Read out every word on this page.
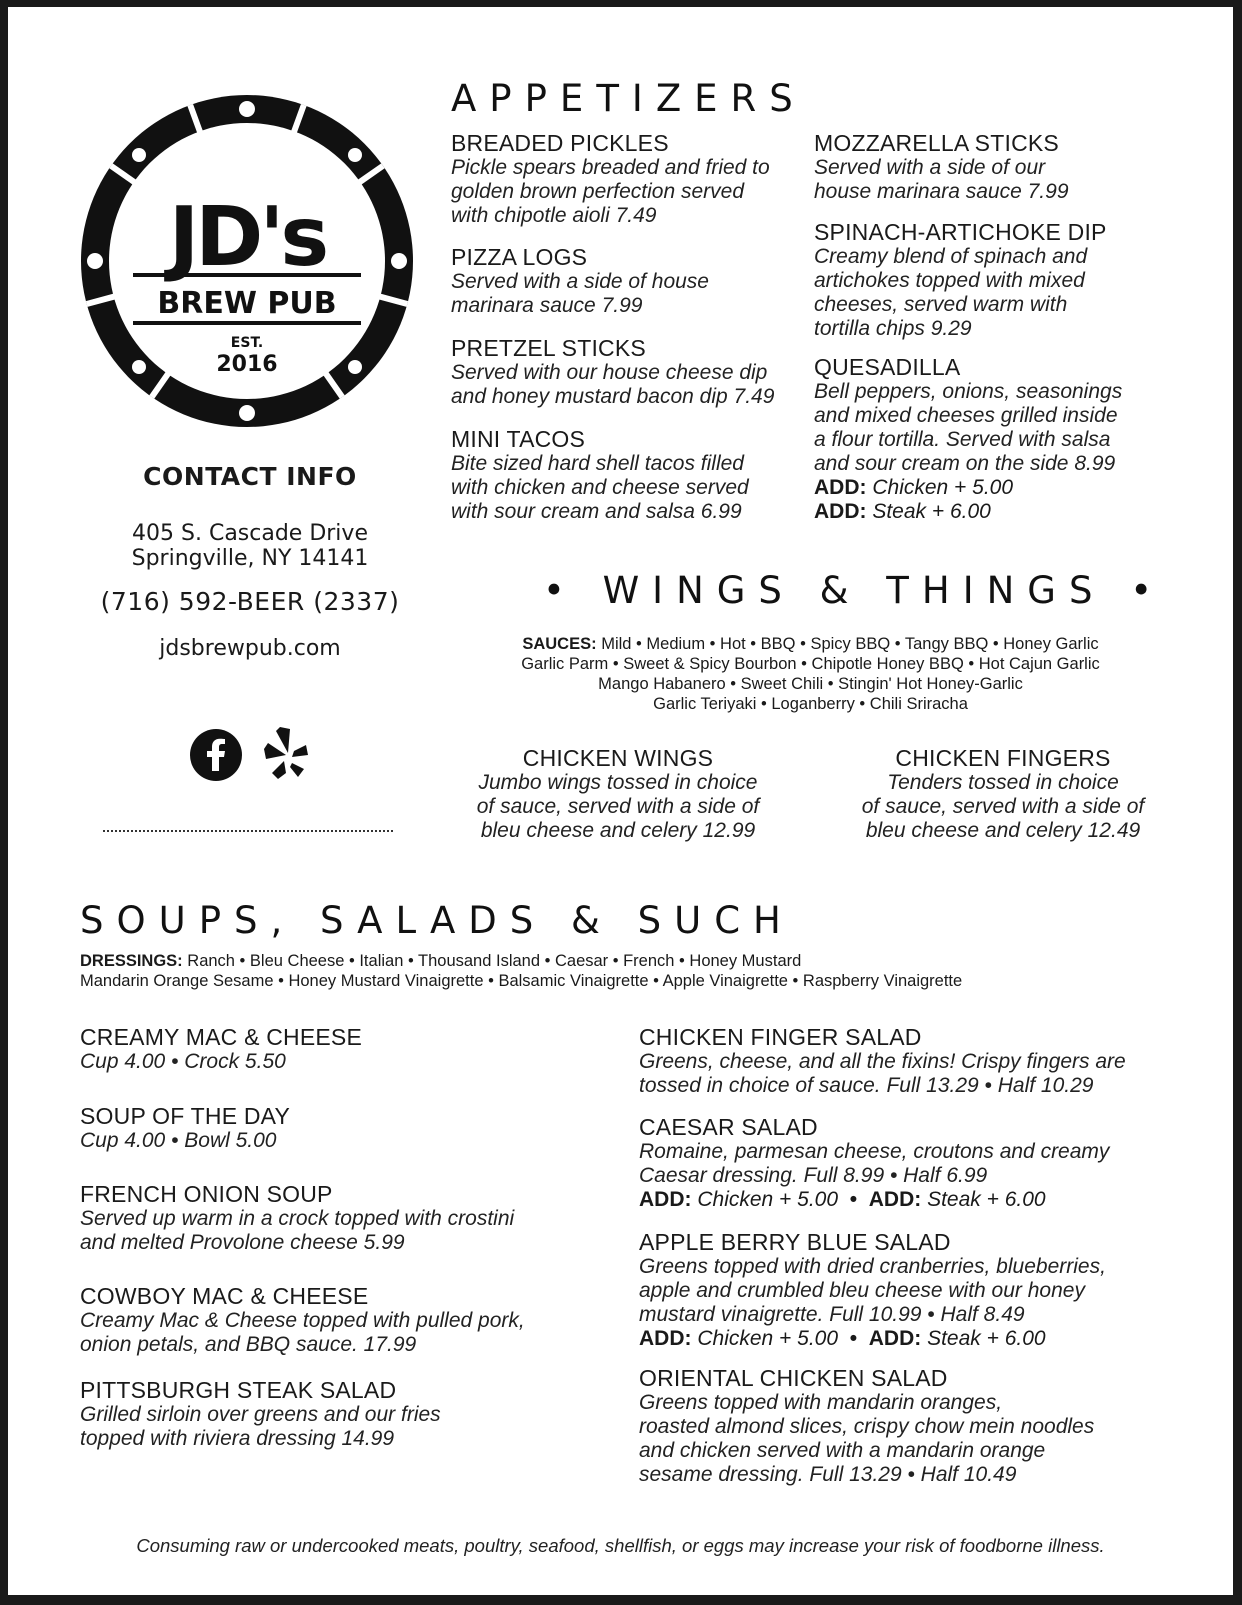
JD's
BREW PUB
EST.
2016
CONTACT INFO
405 S. Cascade Drive
Springville, NY 14141
(716) 592-BEER (2337)
jdsbrewpub.com
APPETIZERS
BREADED PICKLES
Pickle spears breaded and fried to
golden brown perfection served
with chipotle aioli 7.49
PIZZA LOGS
Served with a side of house
marinara sauce 7.99
PRETZEL STICKS
Served with our house cheese dip
and honey mustard bacon dip 7.49
MINI TACOS
Bite sized hard shell tacos filled
with chicken and cheese served
with sour cream and salsa 6.99
MOZZARELLA STICKS
Served with a side of our
house marinara sauce 7.99
SPINACH-ARTICHOKE DIP
Creamy blend of spinach and
artichokes topped with mixed
cheeses, served warm with
tortilla chips 9.29
QUESADILLA
Bell peppers, onions, seasonings
and mixed cheeses grilled inside
a flour tortilla. Served with salsa
and sour cream on the side 8.99
ADD: Chicken + 5.00
ADD: Steak + 6.00
• WINGS & THINGS •
SAUCES: Mild • Medium • Hot • BBQ • Spicy BBQ • Tangy BBQ • Honey Garlic
Garlic Parm • Sweet & Spicy Bourbon • Chipotle Honey BBQ • Hot Cajun Garlic
Mango Habanero • Sweet Chili • Stingin' Hot Honey-Garlic
Garlic Teriyaki • Loganberry • Chili Sriracha
CHICKEN WINGS
Jumbo wings tossed in choice
of sauce, served with a side of
bleu cheese and celery 12.99
CHICKEN FINGERS
Tenders tossed in choice
of sauce, served with a side of
bleu cheese and celery 12.49
SOUPS, SALADS & SUCH
DRESSINGS: Ranch • Bleu Cheese • Italian • Thousand Island • Caesar • French • Honey Mustard
Mandarin Orange Sesame • Honey Mustard Vinaigrette • Balsamic Vinaigrette • Apple Vinaigrette • Raspberry Vinaigrette
CREAMY MAC & CHEESE
Cup 4.00 • Crock 5.50
SOUP OF THE DAY
Cup 4.00 • Bowl 5.00
FRENCH ONION SOUP
Served up warm in a crock topped with crostini
and melted Provolone cheese 5.99
COWBOY MAC & CHEESE
Creamy Mac & Cheese topped with pulled pork,
onion petals, and BBQ sauce. 17.99
PITTSBURGH STEAK SALAD
Grilled sirloin over greens and our fries
topped with riviera dressing 14.99
CHICKEN FINGER SALAD
Greens, cheese, and all the fixins! Crispy fingers are
tossed in choice of sauce. Full 13.29 • Half 10.29
CAESAR SALAD
Romaine, parmesan cheese, croutons and creamy
Caesar dressing. Full 8.99 • Half 6.99
ADD: Chicken + 5.00 • ADD: Steak + 6.00
APPLE BERRY BLUE SALAD
Greens topped with dried cranberries, blueberries,
apple and crumbled bleu cheese with our honey
mustard vinaigrette. Full 10.99 • Half 8.49
ADD: Chicken + 5.00 • ADD: Steak + 6.00
ORIENTAL CHICKEN SALAD
Greens topped with mandarin oranges,
roasted almond slices, crispy chow mein noodles
and chicken served with a mandarin orange
sesame dressing. Full 13.29 • Half 10.49
Consuming raw or undercooked meats, poultry, seafood, shellfish, or eggs may increase your risk of foodborne illness.
